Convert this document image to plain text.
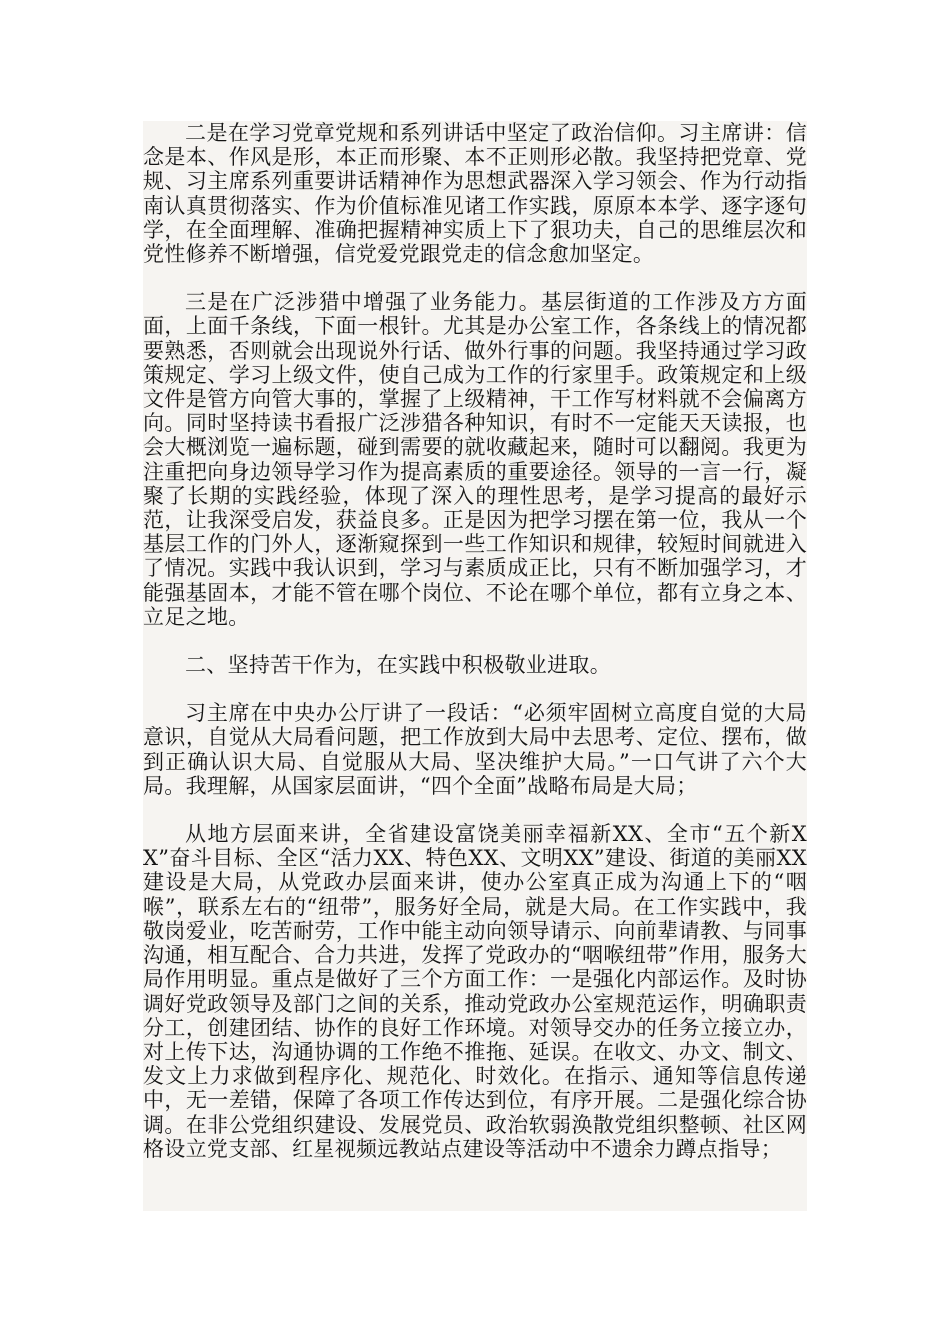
二是在学习党章党规和系列讲话中坚定了政治信仰。习主席讲：信念是本、作风是形，本正而形聚、本不正则形必散。我坚持把党章、党规、习主席系列重要讲话精神作为思想武器深入学习领会、作为行动指南认真贯彻落实、作为价值标准见诸工作实践，原原本本学、逐字逐句学，在全面理解、准确把握精神实质上下了狠功夫，自己的思维层次和党性修养不断增强，信党爱党跟党走的信念愈加坚定。

三是在广泛涉猎中增强了业务能力。基层街道的工作涉及方方面面，上面千条线，下面一根针。尤其是办公室工作，各条线上的情况都要熟悉，否则就会出现说外行话、做外行事的问题。我坚持通过学习政策规定、学习上级文件，使自己成为工作的行家里手。政策规定和上级文件是管方向管大事的，掌握了上级精神，干工作写材料就不会偏离方向。同时坚持读书看报广泛涉猎各种知识，有时不一定能天天读报，也会大概浏览一遍标题，碰到需要的就收藏起来，随时可以翻阅。我更为注重把向身边领导学习作为提高素质的重要途径。领导的一言一行，凝聚了长期的实践经验，体现了深入的理性思考，是学习提高的最好示范，让我深受启发，获益良多。正是因为把学习摆在第一位，我从一个基层工作的门外人，逐渐窥探到一些工作知识和规律，较短时间就进入了情况。实践中我认识到，学习与素质成正比，只有不断加强学习，才能强基固本，才能不管在哪个岗位、不论在哪个单位，都有立身之本、立足之地。

二、坚持苦干作为，在实践中积极敬业进取。

习主席在中央办公厅讲了一段话：“必须牢固树立高度自觉的大局意识，自觉从大局看问题，把工作放到大局中去思考、定位、摆布，做到正确认识大局、自觉服从大局、坚决维护大局。”一口气讲了六个大局。我理解，从国家层面讲，“四个全面”战略布局是大局；

从地方层面来讲，全省建设富饶美丽幸福新XX、全市“五个新XX”奋斗目标、全区“活力XX、特色XX、文明XX”建设、街道的美丽XX建设是大局，从党政办层面来讲，使办公室真正成为沟通上下的“咽喉”，联系左右的“纽带”，服务好全局，就是大局。在工作实践中，我敬岗爱业，吃苦耐劳，工作中能主动向领导请示、向前辈请教、与同事沟通，相互配合、合力共进，发挥了党政办的“咽喉纽带”作用，服务大局作用明显。重点是做好了三个方面工作：一是强化内部运作。及时协调好党政领导及部门之间的关系，推动党政办公室规范运作，明确职责分工，创建团结、协作的良好工作环境。对领导交办的任务立接立办，对上传下达，沟通协调的工作绝不推拖、延误。在收文、办文、制文、发文上力求做到程序化、规范化、时效化。在指示、通知等信息传递中，无一差错，保障了各项工作传达到位，有序开展。二是强化综合协调。在非公党组织建设、发展党员、政治软弱涣散党组织整顿、社区网格设立党支部、红星视频远教站点建设等活动中不遗余力蹲点指导；
